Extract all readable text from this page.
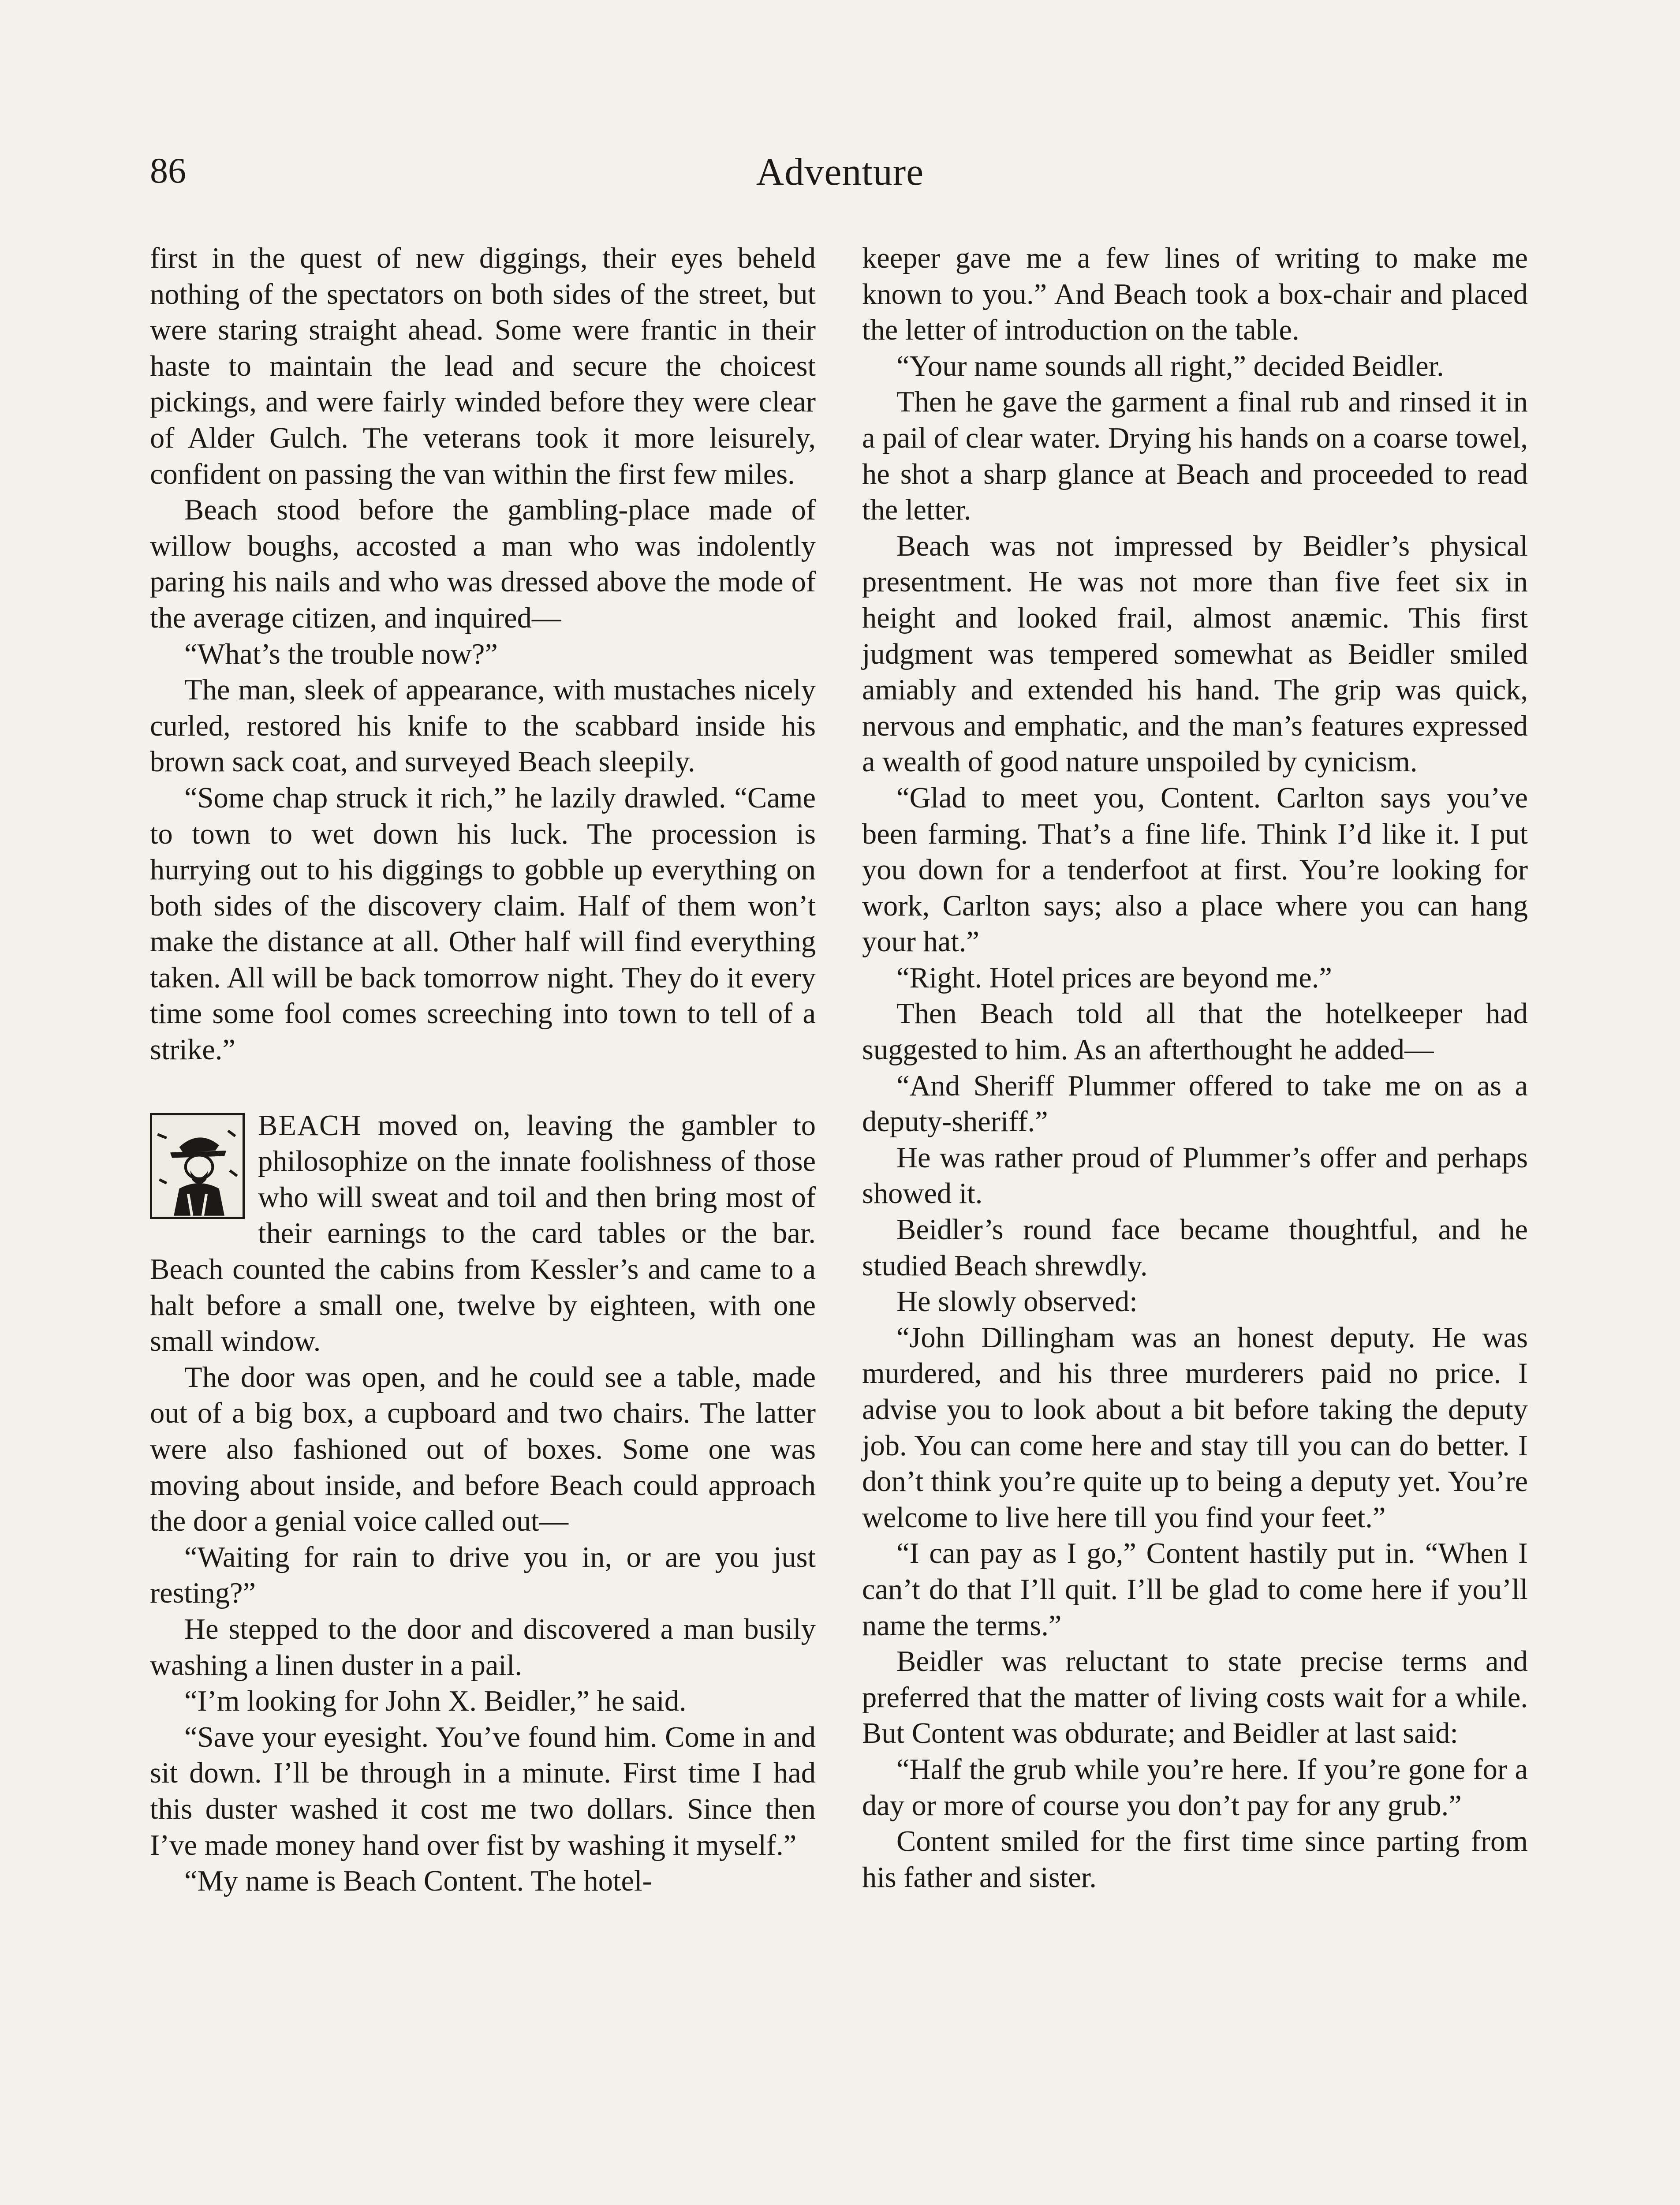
86	Adventure

first in the quest of new diggings, their eyes beheld nothing of the spectators on both sides of the street, but were staring straight ahead. Some were frantic in their haste to maintain the lead and secure the choicest pickings, and were fairly winded before they were clear of Alder Gulch. The veterans took it more leisurely, confident on passing the van within the first few miles.

Beach stood before the gambling-place made of willow boughs, accosted a man who was indolently paring his nails and who was dressed above the mode of the average citizen, and inquired—

“What’s the trouble now?”

The man, sleek of appearance, with mustaches nicely curled, restored his knife to the scabbard inside his brown sack coat, and surveyed Beach sleepily.

“Some chap struck it rich,” he lazily drawled. “Came to town to wet down his luck. The procession is hurrying out to his diggings to gobble up everything on both sides of the discovery claim. Half of them won’t make the distance at all. Other half will find everything taken. All will be back tomorrow night. They do it every time some fool comes screeching into town to tell of a strike.”

BEACH moved on, leaving the gambler to philosophize on the innate foolishness of those who will sweat and toil and then bring most of their earnings to the card tables or the bar. Beach counted the cabins from Kessler’s and came to a halt before a small one, twelve by eighteen, with one small window.

The door was open, and he could see a table, made out of a big box, a cupboard and two chairs. The latter were also fashioned out of boxes. Some one was moving about inside, and before Beach could approach the door a genial voice called out—

“Waiting for rain to drive you in, or are you just resting?”

He stepped to the door and discovered a man busily washing a linen duster in a pail.

“I’m looking for John X. Beidler,” he said.

“Save your eyesight. You’ve found him. Come in and sit down. I’ll be through in a minute. First time I had this duster washed it cost me two dollars. Since then I’ve made money hand over fist by washing it myself.”

“My name is Beach Content. The hotel-

keeper gave me a few lines of writing to make me known to you.” And Beach took a box-chair and placed the letter of introduction on the table.

“Your name sounds all right,” decided Beidler.

Then he gave the garment a final rub and rinsed it in a pail of clear water. Drying his hands on a coarse towel, he shot a sharp glance at Beach and proceeded to read the letter.

Beach was not impressed by Beidler’s physical presentment. He was not more than five feet six in height and looked frail, almost anæmic. This first judgment was tempered somewhat as Beidler smiled amiably and extended his hand. The grip was quick, nervous and emphatic, and the man’s features expressed a wealth of good nature unspoiled by cynicism.

“Glad to meet you, Content. Carlton says you’ve been farming. That’s a fine life. Think I’d like it. I put you down for a tenderfoot at first. You’re looking for work, Carlton says; also a place where you can hang your hat.”

“Right. Hotel prices are beyond me.”

Then Beach told all that the hotelkeeper had suggested to him. As an afterthought he added—

“And Sheriff Plummer offered to take me on as a deputy-sheriff.”

He was rather proud of Plummer’s offer and perhaps showed it.

Beidler’s round face became thoughtful, and he studied Beach shrewdly.

He slowly observed:

“John Dillingham was an honest deputy. He was murdered, and his three murderers paid no price. I advise you to look about a bit before taking the deputy job. You can come here and stay till you can do better. I don’t think you’re quite up to being a deputy yet. You’re welcome to live here till you find your feet.”

“I can pay as I go,” Content hastily put in. “When I can’t do that I’ll quit. I’ll be glad to come here if you’ll name the terms.”

Beidler was reluctant to state precise terms and preferred that the matter of living costs wait for a while. But Content was obdurate; and Beidler at last said:

“Half the grub while you’re here. If you’re gone for a day or more of course you don’t pay for any grub.”

Content smiled for the first time since parting from his father and sister.
